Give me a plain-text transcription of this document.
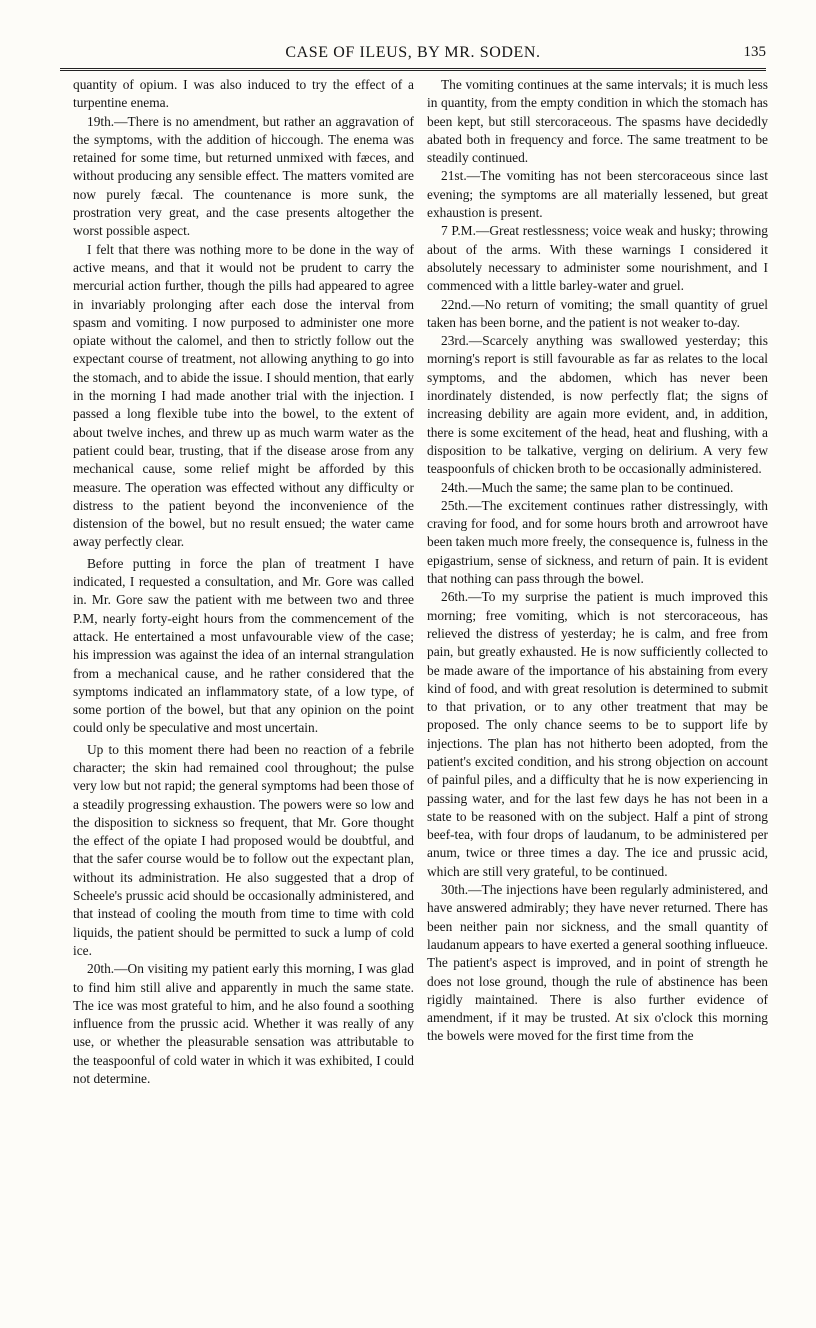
CASE OF ILEUS, BY MR. SODEN.	135

quantity of opium. I was also induced to try the effect of a turpentine enema.

19th.—There is no amendment, but rather an aggravation of the symptoms, with the addition of hiccough. The enema was retained for some time, but returned unmixed with fæces, and without producing any sensible effect. The matters vomited are now purely fæcal. The countenance is more sunk, the prostration very great, and the case presents altogether the worst possible aspect.

I felt that there was nothing more to be done in the way of active means, and that it would not be prudent to carry the mercurial action further, though the pills had appeared to agree in invariably prolonging after each dose the interval from spasm and vomiting. I now purposed to administer one more opiate without the calomel, and then to strictly follow out the expectant course of treatment, not allowing anything to go into the stomach, and to abide the issue. I should mention, that early in the morning I had made another trial with the injection. I passed a long flexible tube into the bowel, to the extent of about twelve inches, and threw up as much warm water as the patient could bear, trusting, that if the disease arose from any mechanical cause, some relief might be afforded by this measure. The operation was effected without any difficulty or distress to the patient beyond the inconvenience of the distension of the bowel, but no result ensued; the water came away perfectly clear.

Before putting in force the plan of treatment I have indicated, I requested a consultation, and Mr. Gore was called in. Mr. Gore saw the patient with me between two and three P.M, nearly forty-eight hours from the commencement of the attack. He entertained a most unfavourable view of the case; his impression was against the idea of an internal strangulation from a mechanical cause, and he rather considered that the symptoms indicated an inflammatory state, of a low type, of some portion of the bowel, but that any opinion on the point could only be speculative and most uncertain.

Up to this moment there had been no reaction of a febrile character; the skin had remained cool throughout; the pulse very low but not rapid; the general symptoms had been those of a steadily progressing exhaustion. The powers were so low and the disposition to sickness so frequent, that Mr. Gore thought the effect of the opiate I had proposed would be doubtful, and that the safer course would be to follow out the expectant plan, without its administration. He also suggested that a drop of Scheele's prussic acid should be occasionally administered, and that instead of cooling the mouth from time to time with cold liquids, the patient should be permitted to suck a lump of cold ice.

20th.—On visiting my patient early this morning, I was glad to find him still alive and apparently in much the same state. The ice was most grateful to him, and he also found a soothing influence from the prussic acid. Whether it was really of any use, or whether the pleasurable sensation was attributable to the teaspoonful of cold water in which it was exhibited, I could not determine.

The vomiting continues at the same intervals; it is much less in quantity, from the empty condition in which the stomach has been kept, but still stercoraceous. The spasms have decidedly abated both in frequency and force. The same treatment to be steadily continued.

21st.—The vomiting has not been stercoraceous since last evening; the symptoms are all materially lessened, but great exhaustion is present.

7 P.M.—Great restlessness; voice weak and husky; throwing about of the arms. With these warnings I considered it absolutely necessary to administer some nourishment, and I commenced with a little barley-water and gruel.

22nd.—No return of vomiting; the small quantity of gruel taken has been borne, and the patient is not weaker to-day.

23rd.—Scarcely anything was swallowed yesterday; this morning's report is still favourable as far as relates to the local symptoms, and the abdomen, which has never been inordinately distended, is now perfectly flat; the signs of increasing debility are again more evident, and, in addition, there is some excitement of the head, heat and flushing, with a disposition to be talkative, verging on delirium. A very few teaspoonfuls of chicken broth to be occasionally administered.

24th.—Much the same; the same plan to be continued.

25th.—The excitement continues rather distressingly, with craving for food, and for some hours broth and arrowroot have been taken much more freely, the consequence is, fulness in the epigastrium, sense of sickness, and return of pain. It is evident that nothing can pass through the bowel.

26th.—To my surprise the patient is much improved this morning; free vomiting, which is not stercoraceous, has relieved the distress of yesterday; he is calm, and free from pain, but greatly exhausted. He is now sufficiently collected to be made aware of the importance of his abstaining from every kind of food, and with great resolution is determined to submit to that privation, or to any other treatment that may be proposed. The only chance seems to be to support life by injections. The plan has not hitherto been adopted, from the patient's excited condition, and his strong objection on account of painful piles, and a difficulty that he is now experiencing in passing water, and for the last few days he has not been in a state to be reasoned with on the subject. Half a pint of strong beef-tea, with four drops of laudanum, to be administered per anum, twice or three times a day. The ice and prussic acid, which are still very grateful, to be continued.

30th.—The injections have been regularly administered, and have answered admirably; they have never returned. There has been neither pain nor sickness, and the small quantity of laudanum appears to have exerted a general soothing influeuce. The patient's aspect is improved, and in point of strength he does not lose ground, though the rule of abstinence has been rigidly maintained. There is also further evidence of amendment, if it may be trusted. At six o'clock this morning the bowels were moved for the first time from the
